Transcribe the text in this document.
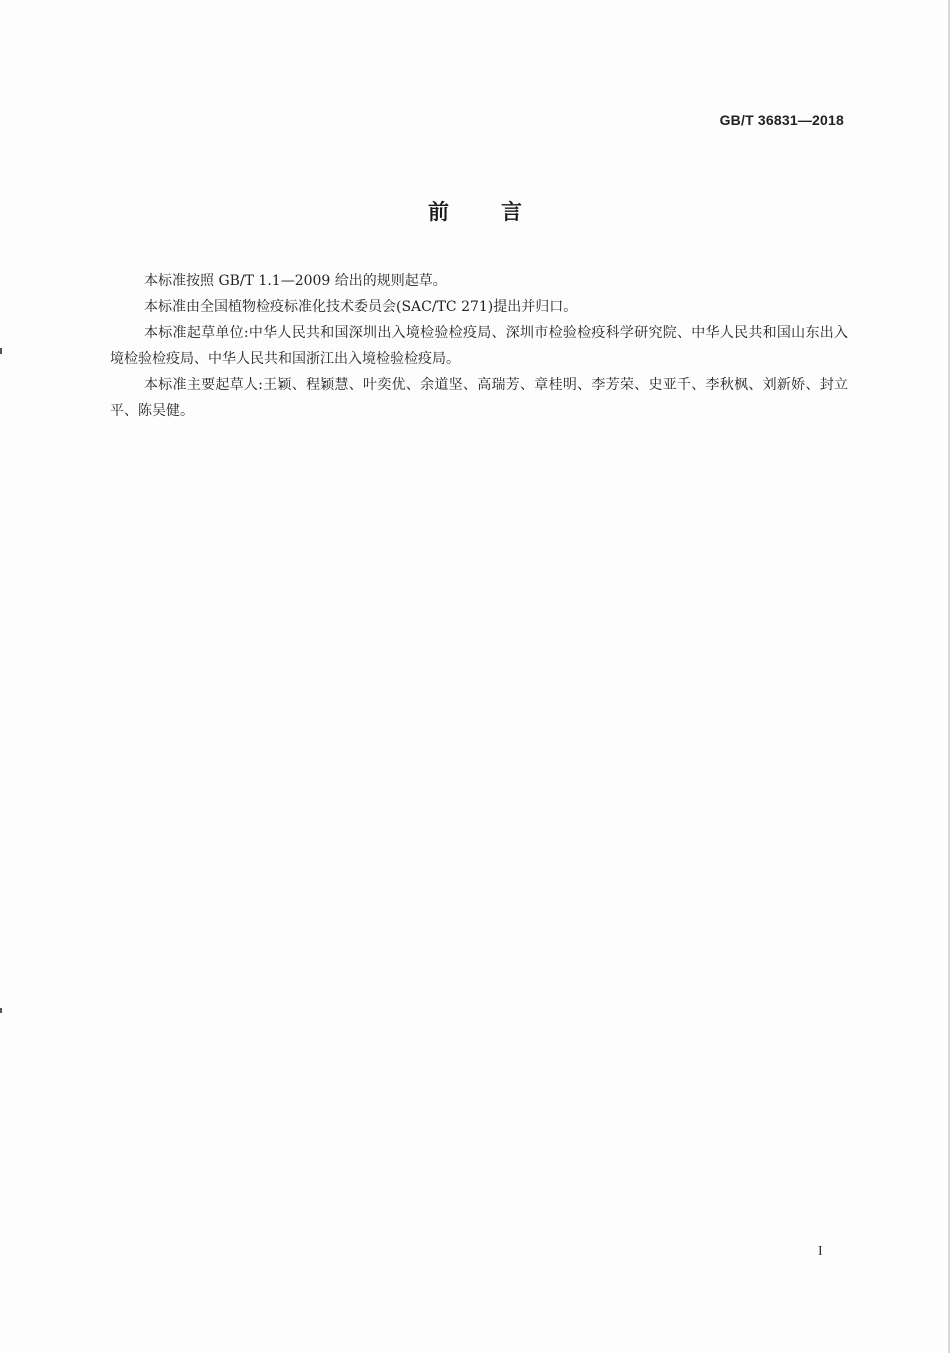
GB/T 36831—2018
前言

本标准按照 GB/T 1.1—2009 给出的规则起草。

本标准由全国植物检疫标准化技术委员会(SAC/TC 271)提出并归口。

本标准起草单位:中华人民共和国深圳出入境检验检疫局、深圳市检验检疫科学研究院、中华人民共和国山东出入境检验检疫局、中华人民共和国浙江出入境检验检疫局。

本标准主要起草人:王颖、程颖慧、叶奕优、余道坚、高瑞芳、章桂明、李芳荣、史亚千、李秋枫、刘新娇、封立平、陈吴健。

I
